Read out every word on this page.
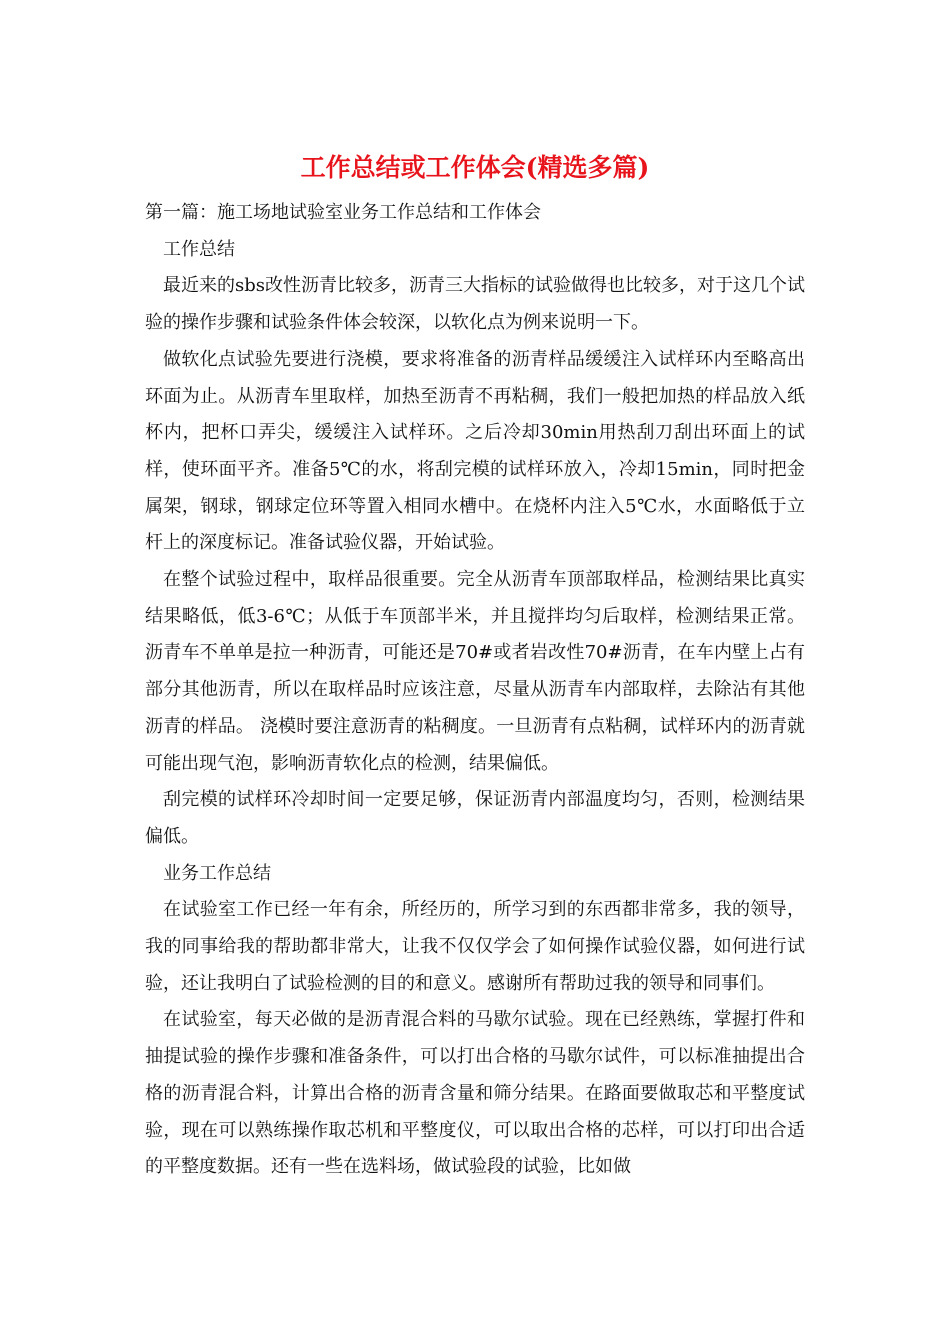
工作总结或工作体会(精选多篇)

第一篇：施工场地试验室业务工作总结和工作体会

工作总结

最近来的sbs改性沥青比较多，沥青三大指标的试验做得也比较多，对于这几个试验的操作步骤和试验条件体会较深，以软化点为例来说明一下。

做软化点试验先要进行浇模，要求将准备的沥青样品缓缓注入试样环内至略高出环面为止。从沥青车里取样，加热至沥青不再粘稠，我们一般把加热的样品放入纸杯内，把杯口弄尖，缓缓注入试样环。之后冷却30min用热刮刀刮出环面上的试样，使环面平齐。准备5℃的水，将刮完模的试样环放入，冷却15min，同时把金属架，钢球，钢球定位环等置入相同水槽中。在烧杯内注入5℃水，水面略低于立杆上的深度标记。准备试验仪器，开始试验。

在整个试验过程中，取样品很重要。完全从沥青车顶部取样品，检测结果比真实结果略低，低3-6℃；从低于车顶部半米，并且搅拌均匀后取样，检测结果正常。沥青车不单单是拉一种沥青，可能还是70#或者岩改性70#沥青，在车内壁上占有部分其他沥青，所以在取样品时应该注意，尽量从沥青车内部取样，去除沾有其他沥青的样品。 浇模时要注意沥青的粘稠度。一旦沥青有点粘稠，试样环内的沥青就可能出现气泡，影响沥青软化点的检测，结果偏低。

刮完模的试样环冷却时间一定要足够，保证沥青内部温度均匀，否则，检测结果偏低。

业务工作总结

在试验室工作已经一年有余，所经历的，所学习到的东西都非常多，我的领导，我的同事给我的帮助都非常大，让我不仅仅学会了如何操作试验仪器，如何进行试验，还让我明白了试验检测的目的和意义。感谢所有帮助过我的领导和同事们。

在试验室，每天必做的是沥青混合料的马歇尔试验。现在已经熟练，掌握打件和抽提试验的操作步骤和准备条件，可以打出合格的马歇尔试件，可以标准抽提出合格的沥青混合料，计算出合格的沥青含量和筛分结果。在路面要做取芯和平整度试验，现在可以熟练操作取芯机和平整度仪，可以取出合格的芯样，可以打印出合适的平整度数据。还有一些在选料场，做试验段的试验，比如做
